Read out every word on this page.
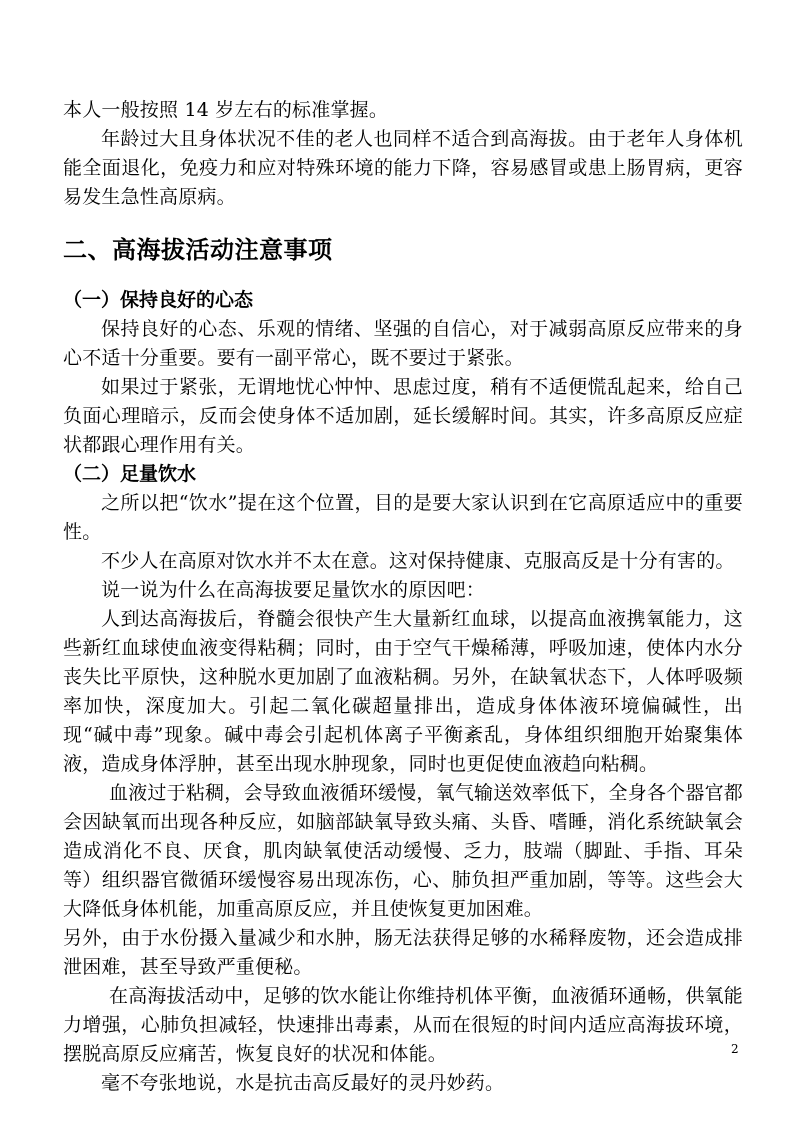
本人一般按照 14 岁左右的标准掌握。

年龄过大且身体状况不佳的老人也同样不适合到高海拔。由于老年人身体机能全面退化，免疫力和应对特殊环境的能力下降，容易感冒或患上肠胃病，更容易发生急性高原病。

二、高海拔活动注意事项
（一）保持良好的心态

保持良好的心态、乐观的情绪、坚强的自信心，对于减弱高原反应带来的身心不适十分重要。要有一副平常心，既不要过于紧张。

如果过于紧张，无谓地忧心忡忡、思虑过度，稍有不适便慌乱起来，给自己负面心理暗示，反而会使身体不适加剧，延长缓解时间。其实，许多高原反应症状都跟心理作用有关。

（二）足量饮水

之所以把“饮水”提在这个位置，目的是要大家认识到在它高原适应中的重要性。

不少人在高原对饮水并不太在意。这对保持健康、克服高反是十分有害的。

说一说为什么在高海拔要足量饮水的原因吧：

人到达高海拔后，脊髓会很快产生大量新红血球，以提高血液携氧能力，这些新红血球使血液变得粘稠；同时，由于空气干燥稀薄，呼吸加速，使体内水分丧失比平原快，这种脱水更加剧了血液粘稠。另外，在缺氧状态下，人体呼吸频率加快，深度加大。引起二氧化碳超量排出，造成身体体液环境偏碱性，出现“碱中毒”现象。碱中毒会引起机体离子平衡紊乱，身体组织细胞开始聚集体液，造成身体浮肿，甚至出现水肿现象，同时也更促使血液趋向粘稠。

血液过于粘稠，会导致血液循环缓慢，氧气输送效率低下，全身各个器官都会因缺氧而出现各种反应，如脑部缺氧导致头痛、头昏、嗜睡，消化系统缺氧会造成消化不良、厌食，肌肉缺氧使活动缓慢、乏力，肢端（脚趾、手指、耳朵等）组织器官微循环缓慢容易出现冻伤，心、肺负担严重加剧，等等。这些会大大降低身体机能，加重高原反应，并且使恢复更加困难。

另外，由于水份摄入量减少和水肿，肠无法获得足够的水稀释废物，还会造成排泄困难，甚至导致严重便秘。

在高海拔活动中，足够的饮水能让你维持机体平衡，血液循环通畅，供氧能力增强，心肺负担减轻，快速排出毒素，从而在很短的时间内适应高海拔环境，摆脱高原反应痛苦，恢复良好的状况和体能。

毫不夸张地说，水是抗击高反最好的灵丹妙药。

2
